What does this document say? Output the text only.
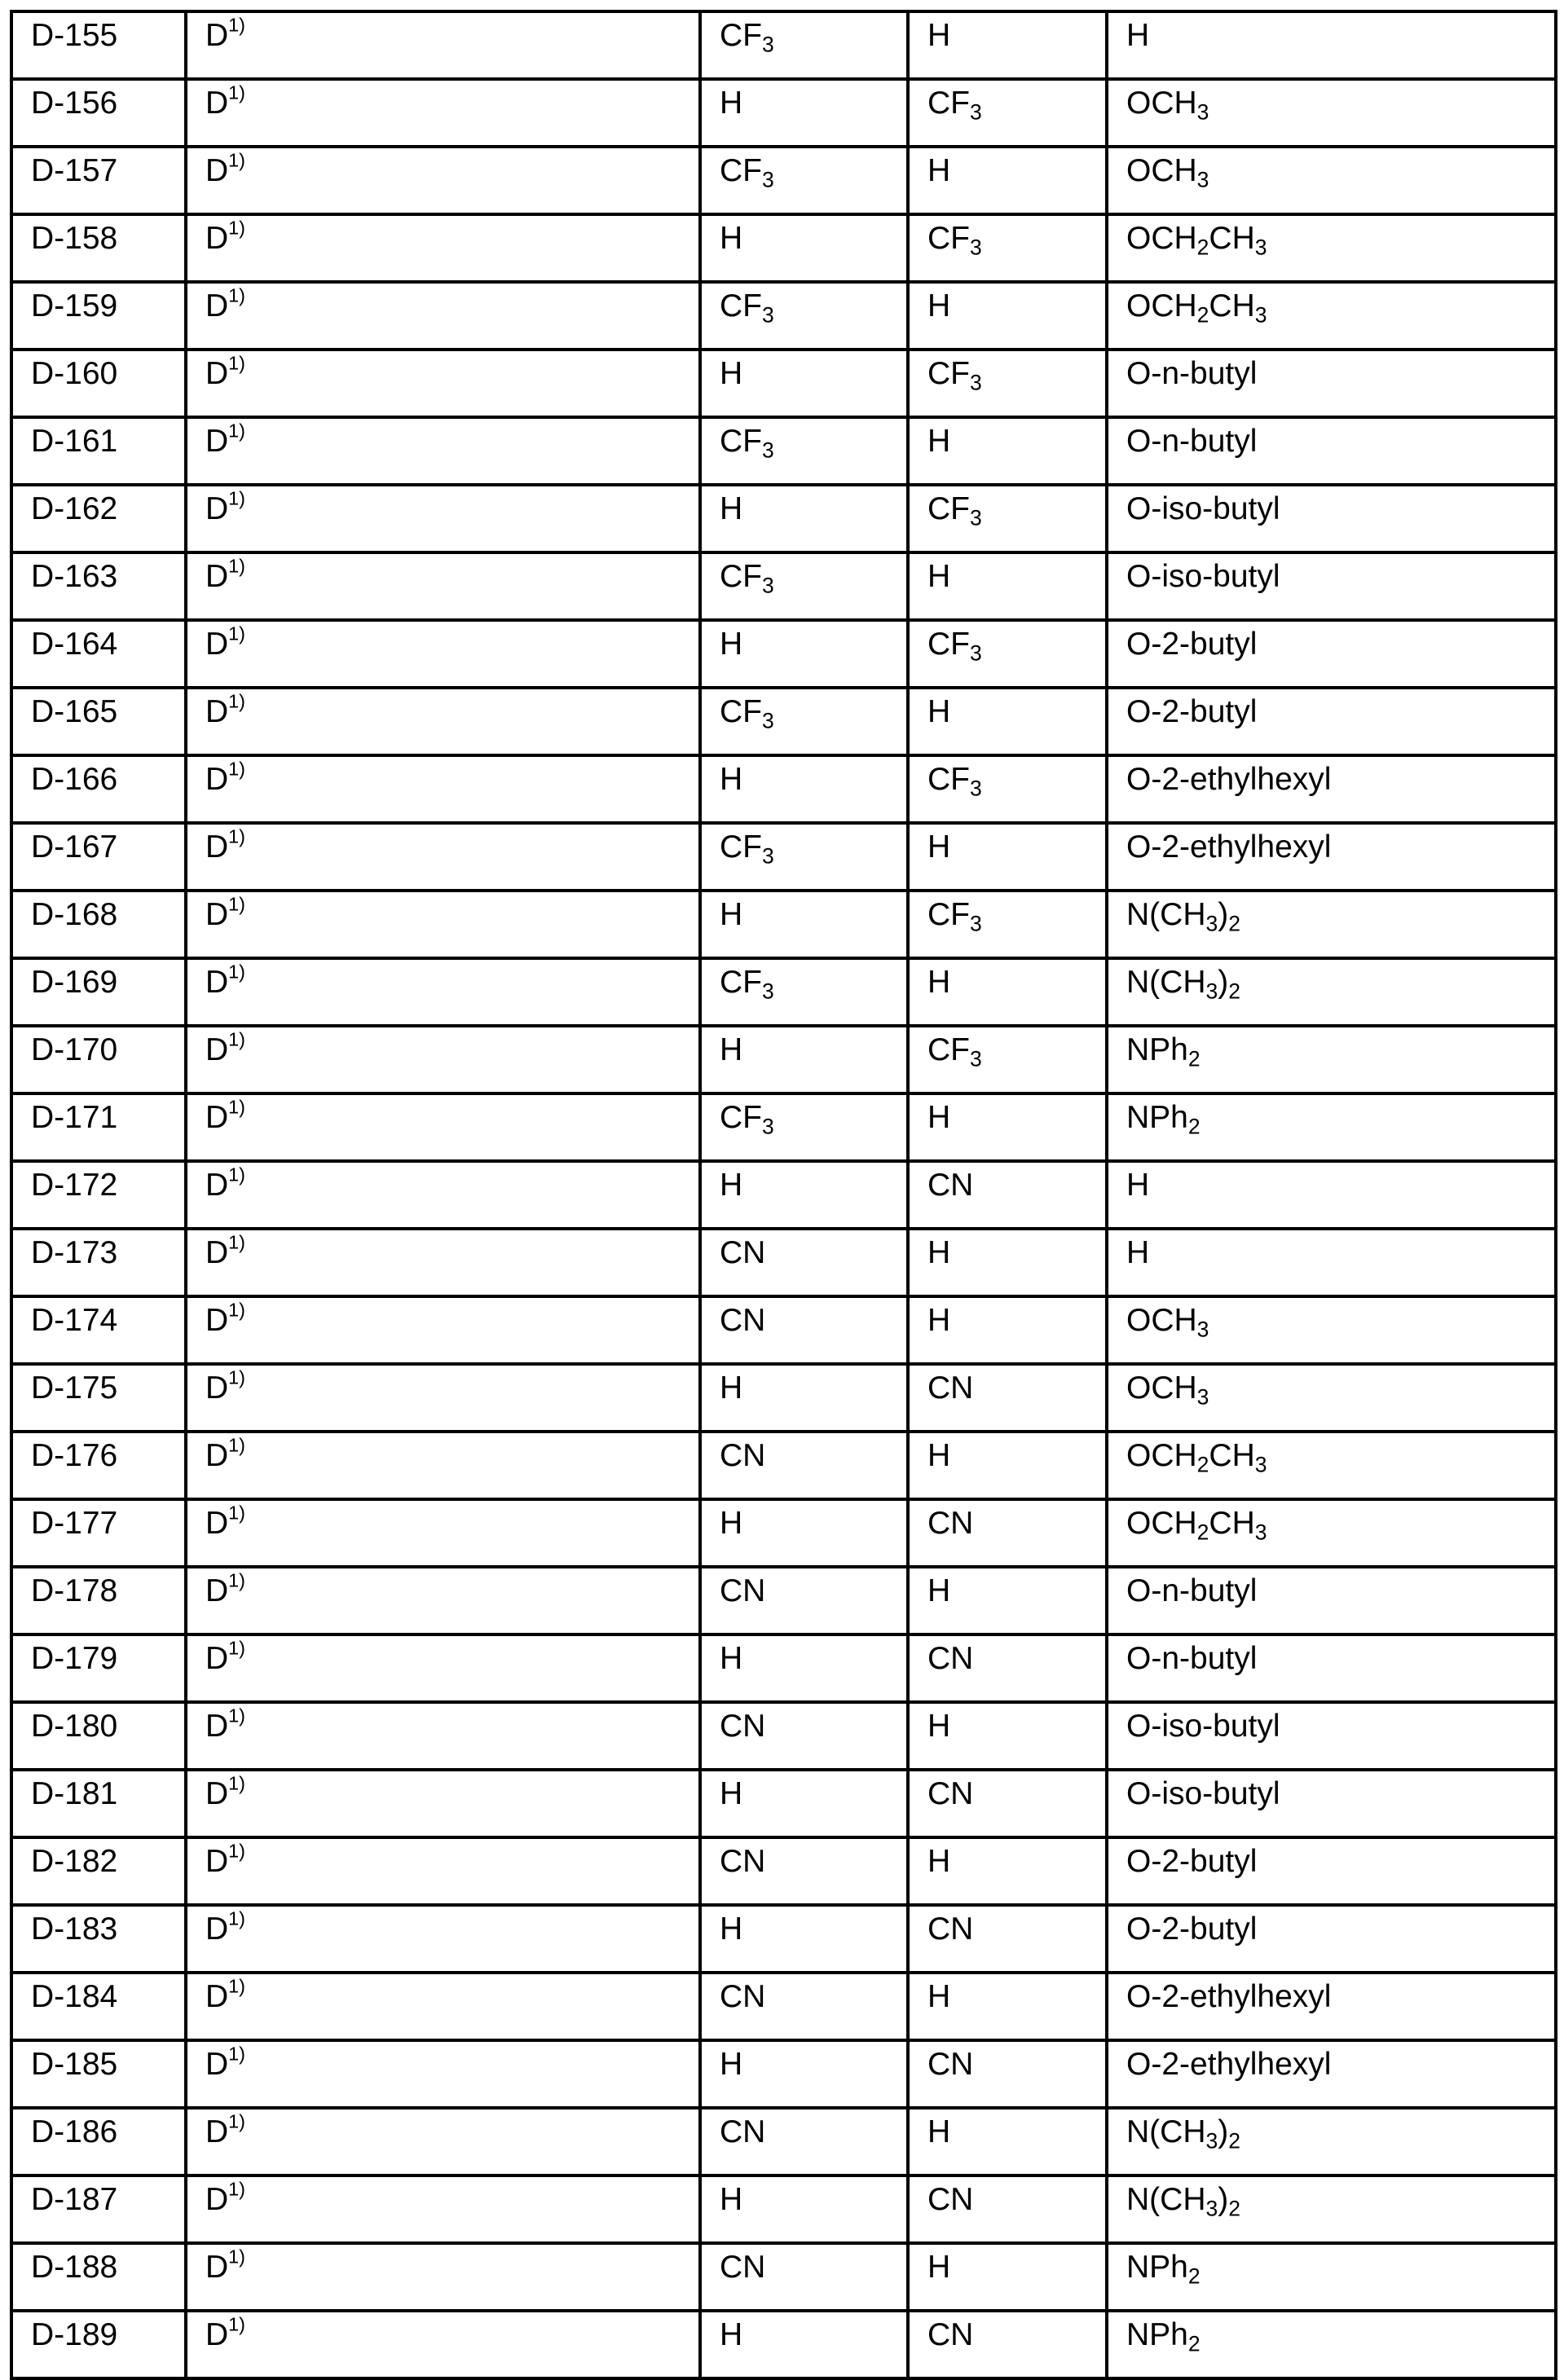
D-155	$D^{1)}$	$CF_3$	H	H
D-156	$D^{1)}$	H	$CF_3$	$OCH_3$
D-157	$D^{1)}$	$CF_3$	H	$OCH_3$
D-158	$D^{1)}$	H	$CF_3$	$OCH_2CH_3$
D-159	$D^{1)}$	$CF_3$	H	$OCH_2CH_3$
D-160	$D^{1)}$	H	$CF_3$	O-n-butyl
D-161	$D^{1)}$	$CF_3$	H	O-n-butyl
D-162	$D^{1)}$	H	$CF_3$	O-iso-butyl
D-163	$D^{1)}$	$CF_3$	H	O-iso-butyl
D-164	$D^{1)}$	H	$CF_3$	O-2-butyl
D-165	$D^{1)}$	$CF_3$	H	O-2-butyl
D-166	$D^{1)}$	H	$CF_3$	O-2-ethylhexyl
D-167	$D^{1)}$	$CF_3$	H	O-2-ethylhexyl
D-168	$D^{1)}$	H	$CF_3$	$N(CH_3)_2$
D-169	$D^{1)}$	$CF_3$	H	$N(CH_3)_2$
D-170	$D^{1)}$	H	$CF_3$	NPh$_2$
D-171	$D^{1)}$	$CF_3$	H	NPh$_2$
D-172	$D^{1)}$	H	CN	H
D-173	$D^{1)}$	CN	H	H
D-174	$D^{1)}$	CN	H	$OCH_3$
D-175	$D^{1)}$	H	CN	$OCH_3$
D-176	$D^{1)}$	CN	H	$OCH_2CH_3$
D-177	$D^{1)}$	H	CN	$OCH_2CH_3$
D-178	$D^{1)}$	CN	H	O-n-butyl
D-179	$D^{1)}$	H	CN	O-n-butyl
D-180	$D^{1)}$	CN	H	O-iso-butyl
D-181	$D^{1)}$	H	CN	O-iso-butyl
D-182	$D^{1)}$	CN	H	O-2-butyl
D-183	$D^{1)}$	H	CN	O-2-butyl
D-184	$D^{1)}$	CN	H	O-2-ethylhexyl
D-185	$D^{1)}$	H	CN	O-2-ethylhexyl
D-186	$D^{1)}$	CN	H	$N(CH_3)_2$
D-187	$D^{1)}$	H	CN	$N(CH_3)_2$
D-188	$D^{1)}$	CN	H	NPh$_2$
D-189	$D^{1)}$	H	CN	NPh$_2$
